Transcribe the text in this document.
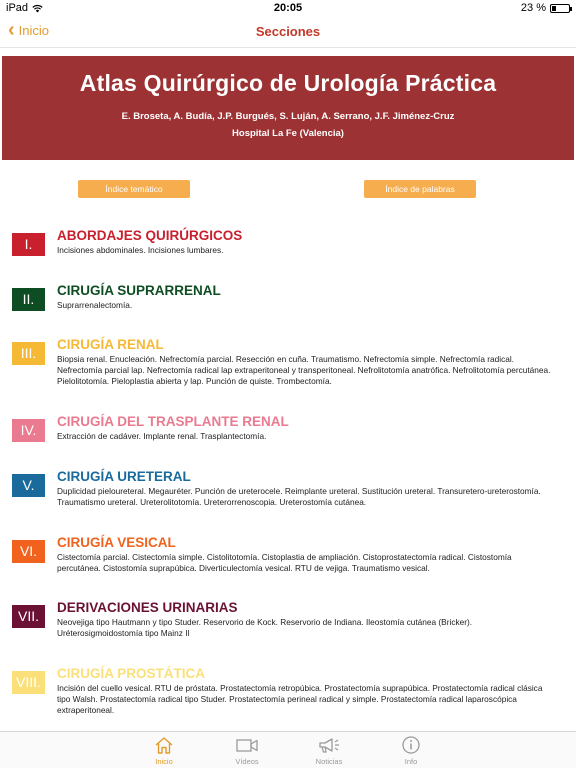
iPad	20:05	23 %
‹ Inicio	Secciones
Atlas Quirúrgico de Urología Práctica
E. Broseta, A. Budía, J.P. Burgués, S. Luján, A. Serrano, J.F. Jiménez-Cruz
Hospital La Fe (Valencia)
Índice temático	Índice de palabras
I.
ABORDAJES QUIRÚRGICOS
Incisiones abdominales. Incisiones lumbares.
II.
CIRUGÍA SUPRARRENAL
Suprarrenalectomía.
III.
CIRUGÍA RENAL
Biopsia renal. Enucleación. Nefrectomía parcial. Resección en cuña. Traumatismo. Nefrectomía simple. Nefrectomía radical. Nefrectomía parcial lap. Nefrectomía radical lap extraperitoneal y transperitoneal. Nefrolitotomía anatrófica. Nefrolitotomía percutánea. Pielolitotomía. Pieloplastia abierta y lap. Punción de quiste. Trombectomía.
IV.
CIRUGÍA DEL TRASPLANTE RENAL
Extracción de cadáver. Implante renal. Trasplantectomía.
V.
CIRUGÍA URETERAL
Duplicidad pieloureteral. Megauréter. Punción de ureterocele. Reimplante ureteral. Sustitución ureteral. Transuretero-ureterostomía. Traumatismo ureteral. Ureterolitotomía. Ureterorrenoscopia. Ureterostomía cutánea.
VI.
CIRUGÍA VESICAL
Cistectomía parcial. Cistectomía simple. Cistolitotomía. Cistoplastia de ampliación. Cistoprostatectomía radical. Cistostomía percutánea. Cistostomía suprapúbica. Diverticulectomía vesical. RTU de vejiga. Traumatismo vesical.
VII.
DERIVACIONES URINARIAS
Neovejiga tipo Hautmann y tipo Studer. Reservorio de Kock. Reservorio de Indiana. Ileostomía cutánea (Bricker). Uréterosigmoidostomía tipo Mainz II
VIII.
CIRUGÍA PROSTÁTICA
Incisión del cuello vesical. RTU de próstata. Prostatectomía retropúbica. Prostatectomía suprapúbica. Prostatectomía radical clásica tipo Walsh. Prostatectomía radical tipo Studer. Prostatectomía perineal radical y simple. Prostatectomía radical laparoscópica extraperitoneal.
Inicio	Vídeos	Noticias	Info
